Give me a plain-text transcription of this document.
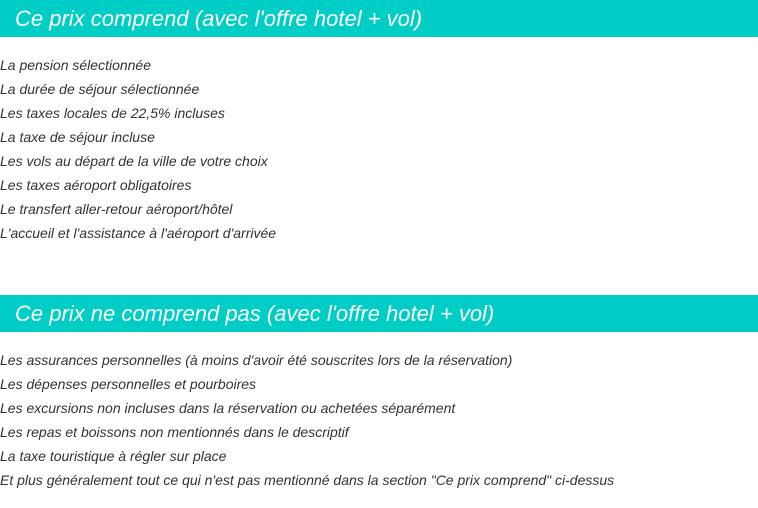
Ce prix comprend (avec l'offre hotel + vol)
La pension sélectionnée
La durée de séjour sélectionnée
Les taxes locales de 22,5% incluses
La taxe de séjour incluse
Les vols au départ de la ville de votre choix
Les taxes aéroport obligatoires
Le transfert aller-retour aéroport/hôtel
L'accueil et l'assistance à l'aéroport d'arrivée
Ce prix ne comprend pas (avec l'offre hotel + vol)
Les assurances personnelles (à moins d'avoir été souscrites lors de la réservation)
Les dépenses personnelles et pourboires
Les excursions non incluses dans la réservation ou achetées séparément
Les repas et boissons non mentionnés dans le descriptif
La taxe touristique à régler sur place
Et plus généralement tout ce qui n'est pas mentionné dans la section "Ce prix comprend" ci-dessus
